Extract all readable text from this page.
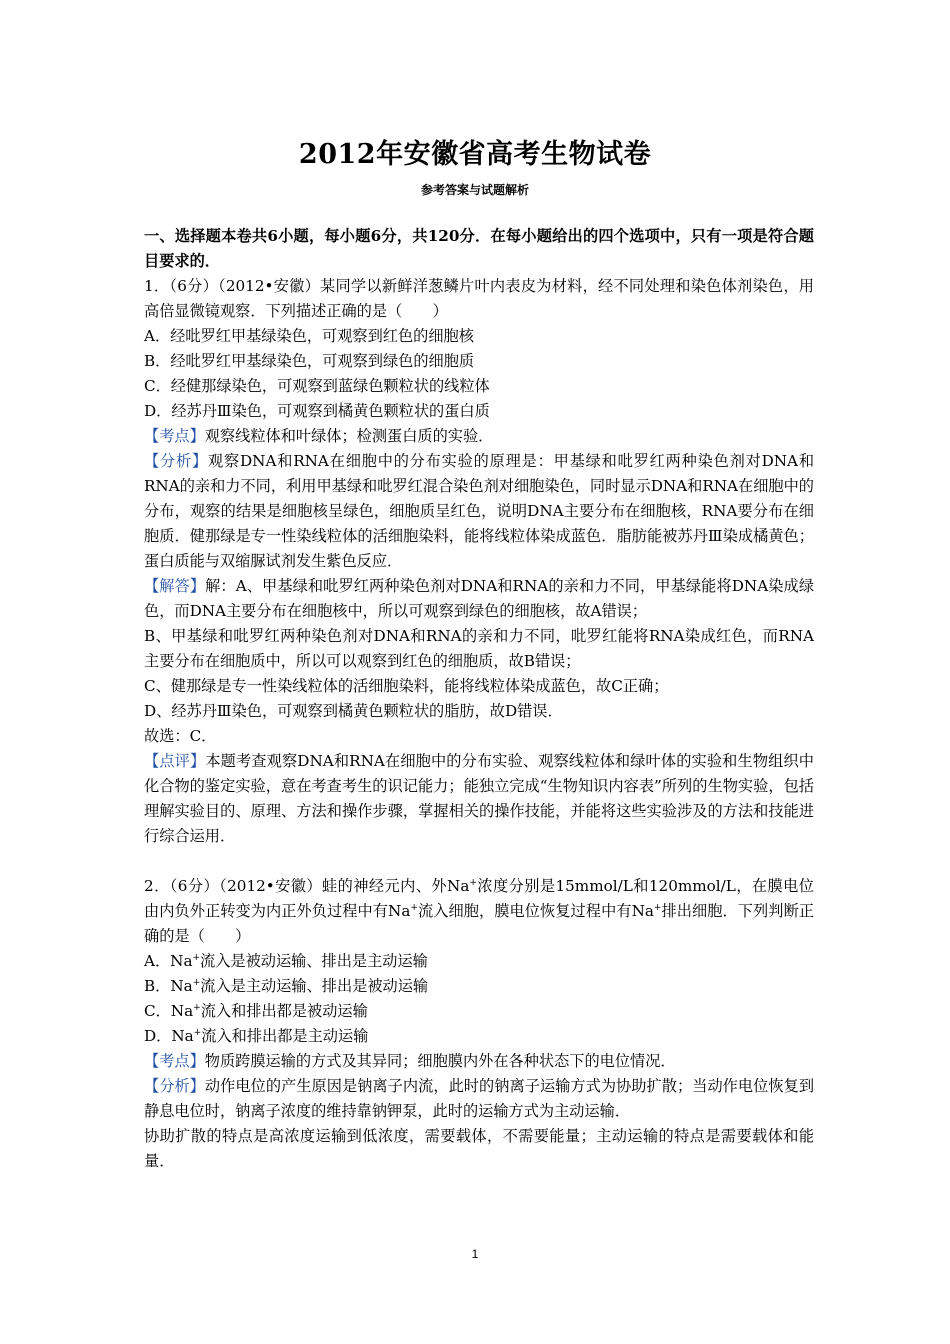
2012年安徽省高考生物试卷
参考答案与试题解析

一、选择题本卷共6小题，每小题6分，共120分．在每小题给出的四个选项中，只有一项是符合题目要求的．

1．（6分）（2012•安徽）某同学以新鲜洋葱鳞片叶内表皮为材料，经不同处理和染色体剂染色，用高倍显微镜观察．下列描述正确的是（　　）

A．经吡罗红甲基绿染色，可观察到红色的细胞核

B．经吡罗红甲基绿染色，可观察到绿色的细胞质

C．经健那绿染色，可观察到蓝绿色颗粒状的线粒体

D．经苏丹Ⅲ染色，可观察到橘黄色颗粒状的蛋白质

【考点】观察线粒体和叶绿体；检测蛋白质的实验．

【分析】观察DNA和RNA在细胞中的分布实验的原理是：甲基绿和吡罗红两种染色剂对DNA和RNA的亲和力不同，利用甲基绿和吡罗红混合染色剂对细胞染色，同时显示DNA和RNA在细胞中的分布，观察的结果是细胞核呈绿色，细胞质呈红色，说明DNA主要分布在细胞核，RNA要分布在细胞质．健那绿是专一性染线粒体的活细胞染料，能将线粒体染成蓝色．脂肪能被苏丹Ⅲ染成橘黄色；蛋白质能与双缩脲试剂发生紫色反应．

【解答】解：A、甲基绿和吡罗红两种染色剂对DNA和RNA的亲和力不同，甲基绿能将DNA染成绿色，而DNA主要分布在细胞核中，所以可观察到绿色的细胞核，故A错误；

B、甲基绿和吡罗红两种染色剂对DNA和RNA的亲和力不同，吡罗红能将RNA染成红色，而RNA主要分布在细胞质中，所以可以观察到红色的细胞质，故B错误；

C、健那绿是专一性染线粒体的活细胞染料，能将线粒体染成蓝色，故C正确；

D、经苏丹Ⅲ染色，可观察到橘黄色颗粒状的脂肪，故D错误．

故选：C．

【点评】本题考查观察DNA和RNA在细胞中的分布实验、观察线粒体和绿叶体的实验和生物组织中化合物的鉴定实验，意在考查考生的识记能力；能独立完成“生物知识内容表”所列的生物实验，包括理解实验目的、原理、方法和操作步骤，掌握相关的操作技能，并能将这些实验涉及的方法和技能进行综合运用．

2．（6分）（2012•安徽）蛙的神经元内、外Na+浓度分别是15mmol/L和120mmol/L，在膜电位由内负外正转变为内正外负过程中有Na+流入细胞，膜电位恢复过程中有Na+排出细胞．下列判断正确的是（　　）

A．Na+流入是被动运输、排出是主动运输

B．Na+流入是主动运输、排出是被动运输

C．Na+流入和排出都是被动运输

D．Na+流入和排出都是主动运输

【考点】物质跨膜运输的方式及其异同；细胞膜内外在各种状态下的电位情况．

【分析】动作电位的产生原因是钠离子内流，此时的钠离子运输方式为协助扩散；当动作电位恢复到静息电位时，钠离子浓度的维持靠钠钾泵，此时的运输方式为主动运输．

协助扩散的特点是高浓度运输到低浓度，需要载体，不需要能量；主动运输的特点是需要载体和能量．

1
